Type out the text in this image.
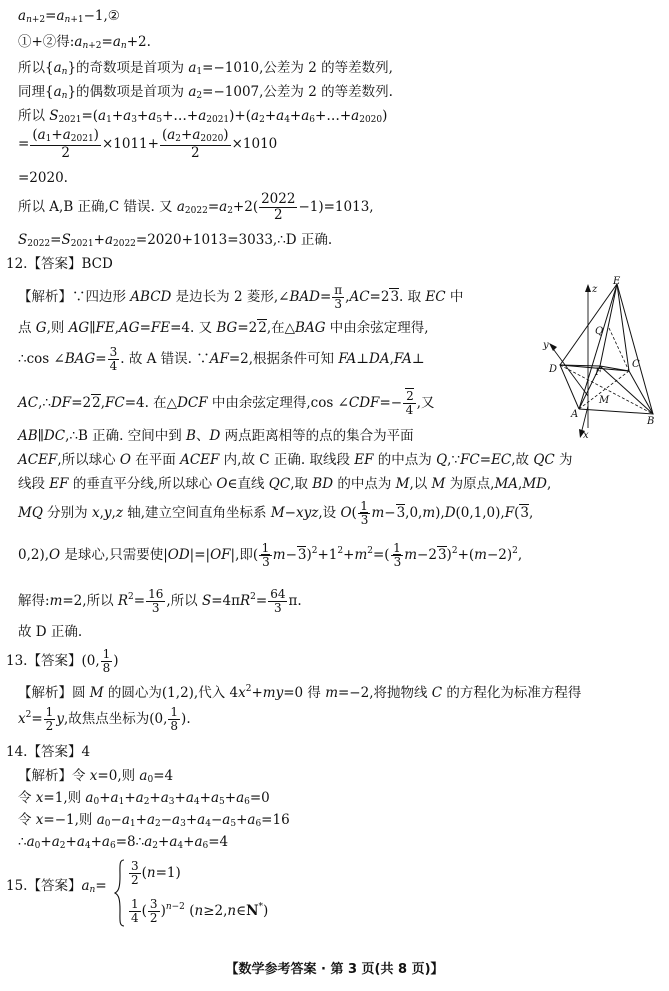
$a_{n+2}=a_{n+1}-1,②$
①+②得$:a_{n+2}=a_n+2$.
所以$\{a_n\}$的奇数项是首项为 $a_1=-1010$,公差为 2 的等差数列,
同理$\{a_n\}$的偶数项是首项为 $a_2=-1007$,公差为 2 的等差数列.
所以 $S_{2021}=(a_1+a_3+a_5+\dots+a_{2021})+(a_2+a_4+a_6+\dots+a_{2020})$
= $\frac{(a_1+a_{2021})}{2} \times 1011+ \frac{(a_2+a_{2020})}{2} \times 1010$
=2020.
所以 A,B 正确,C 错误. 又 $a_{2022}=a_2+2( \frac{2022}{2} -1)=1013$,
$S_{2022}=S_{2021}+a_{2022}=2020+1013=3033,\therefore D$ 正确.
12.【答案】BCD
【解析】∵四边形 ABCD 是边长为 2 菱形,∠BAD= $\frac{\pi}{3} ,AC=23$. 取 EC 中
点 G,则 AG∥FE,AG=FE=4. 又 BG=22,在△BAG 中由余弦定理得,
∴cos ∠BAG= $\frac{3}{4}$ . 故 A 错误. ∵AF=2,根据条件可知 FA⊥DA,FA⊥
AC,∴DF=22,FC=4. 在△DCF 中由余弦定理得,cos ∠CDF=− $\frac{2}{4}$ ,又
AB∥DC,∴B 正确. 空间中到 B、D 两点距离相等的点的集合为平面
ACEF,所以球心 O 在平面 ACEF 内,故 C 正确. 取线段 EF 的中点为 Q,∵FC=EC,故 QC 为
线段 EF 的垂直平分线,所以球心 O∈直线 QC,取 BD 的中点为 M,以 M 为原点,MA,MD,
MQ 分别为 x,y,z 轴,建立空间直角坐标系 M−xyz,设 $O( \frac{1}{3} m-3,0,m),D(0,1,0),F(3$,
0,2),O 是球心,只需要使|OD|=|OF|,即( $\frac{1}{3} m-3)^2+1^2+m^2=( \frac{1}{3} m-23)^2+(m-2)^2$,
解得:m=2,所以 $R^2= \frac{16}{3}$ ,所以 $S=4\pi R^2= \frac{64}{3} \pi$.
故 D 正确.
E
z
Q
y
D	C
F
M
A
B
x
13.【答案】(0, $\frac{1}{8}$ )
【解析】圆 M 的圆心为(1,2),代入 $4x^2+my=0$ 得 m=−2,将抛物线 C 的方程化为标准方程得
$x^2= \frac{1}{2} y$,故焦点坐标为(0, $\frac{1}{8}$ ).
14.【答案】4
【解析】令 x=0,则 $a_0=4$
令 x=1,则 $a_0+a_1+a_2+a_3+a_4+a_5+a_6=0$
令 x=−1,则 $a_0-a_1+a_2-a_3+a_4-a_5+a_6=16$
$\therefore a_0+a_2+a_4+a_6=8\therefore a_2+a_4+a_6=4$
15.【答案】$a_n= \frac{3}{2} (n=1)$
$\frac{1}{4}$ ( $\frac{3}{2} )^{n-2}$ (n≥2,n∈N*)
【数学参考答案 · 第 3 页(共 8 页)】
